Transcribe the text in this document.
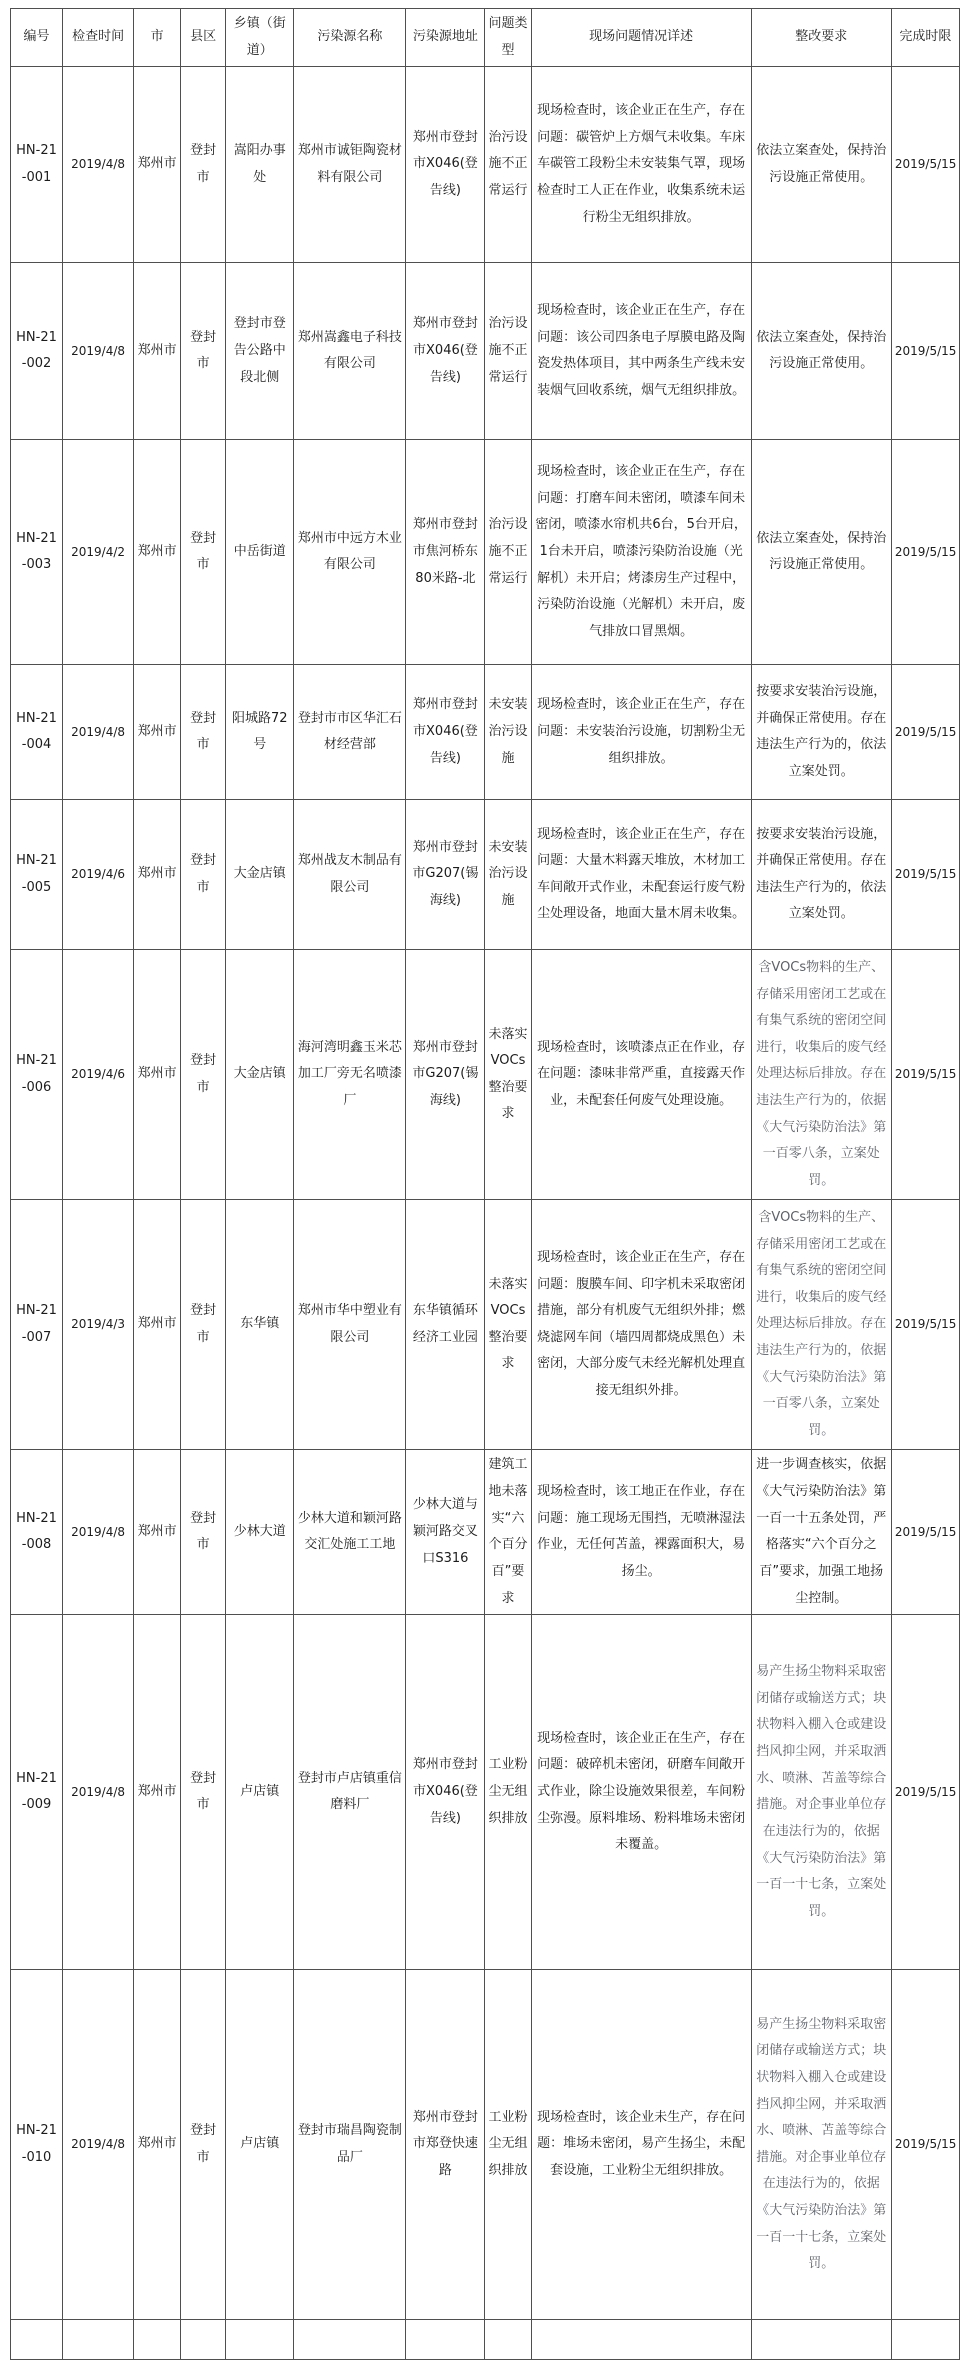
编号	检查时间	市	县区	乡镇（街道）	污染源名称	污染源地址	问题类型	现场问题情况详述	整改要求	完成时限
HN-21-001	2019/4/8	郑州市	登封市	嵩阳办事处	郑州市诚钜陶瓷材料有限公司	郑州市登封市X046(登告线)	治污设施不正常运行	现场检查时，该企业正在生产，存在问题：碳管炉上方烟气未收集。车床车碳管工段粉尘未安装集气罩，现场检查时工人正在作业，收集系统未运行粉尘无组织排放。	依法立案查处，保持治污设施正常使用。	2019/5/15
HN-21-002	2019/4/8	郑州市	登封市	登封市登告公路中段北侧	郑州嵩鑫电子科技有限公司	郑州市登封市X046(登告线)	治污设施不正常运行	现场检查时，该企业正在生产，存在问题：该公司四条电子厚膜电路及陶瓷发热体项目，其中两条生产线未安装烟气回收系统，烟气无组织排放。	依法立案查处，保持治污设施正常使用。	2019/5/15
HN-21-003	2019/4/2	郑州市	登封市	中岳街道	郑州市中远方木业有限公司	郑州市登封市焦河桥东80米路-北	治污设施不正常运行	现场检查时，该企业正在生产，存在问题：打磨车间未密闭，喷漆车间未密闭，喷漆水帘机共6台，5台开启，1台未开启，喷漆污染防治设施（光解机）未开启；烤漆房生产过程中，污染防治设施（光解机）未开启，废气排放口冒黑烟。	依法立案查处，保持治污设施正常使用。	2019/5/15
HN-21-004	2019/4/8	郑州市	登封市	阳城路72号	登封市市区华汇石材经营部	郑州市登封市X046(登告线)	未安装治污设施	现场检查时，该企业正在生产，存在问题：未安装治污设施，切割粉尘无组织排放。	按要求安装治污设施，并确保正常使用。存在违法生产行为的，依法立案处罚。	2019/5/15
HN-21-005	2019/4/6	郑州市	登封市	大金店镇	郑州战友木制品有限公司	郑州市登封市G207(锡海线)	未安装治污设施	现场检查时，该企业正在生产，存在问题：大量木料露天堆放，木材加工车间敞开式作业，未配套运行废气粉尘处理设备，地面大量木屑未收集。	按要求安装治污设施，并确保正常使用。存在违法生产行为的，依法立案处罚。	2019/5/15
HN-21-006	2019/4/6	郑州市	登封市	大金店镇	海河湾明鑫玉米芯加工厂旁无名喷漆厂	郑州市登封市G207(锡海线)	未落实VOCs整治要求	现场检查时，该喷漆点正在作业，存在问题：漆味非常严重，直接露天作业，未配套任何废气处理设施。	含VOCs物料的生产、存储采用密闭工艺或在有集气系统的密闭空间进行，收集后的废气经处理达标后排放。存在违法生产行为的，依据《大气污染防治法》第一百零八条，立案处罚。	2019/5/15
HN-21-007	2019/4/3	郑州市	登封市	东华镇	郑州市华中塑业有限公司	东华镇循环经济工业园	未落实VOCs整治要求	现场检查时，该企业正在生产，存在问题：腹膜车间、印字机未采取密闭措施，部分有机废气无组织外排；燃烧滤网车间（墙四周都烧成黑色）未密闭，大部分废气未经光解机处理直接无组织外排。	含VOCs物料的生产、存储采用密闭工艺或在有集气系统的密闭空间进行，收集后的废气经处理达标后排放。存在违法生产行为的，依据《大气污染防治法》第一百零八条，立案处罚。	2019/5/15
HN-21-008	2019/4/8	郑州市	登封市	少林大道	少林大道和颖河路交汇处施工工地	少林大道与颖河路交叉口S316	建筑工地未落实“六个百分百”要求	现场检查时，该工地正在作业，存在问题：施工现场无围挡，无喷淋湿法作业，无任何苫盖，裸露面积大，易扬尘。	进一步调查核实，依据《大气污染防治法》第一百一十五条处罚，严格落实“六个百分之百”要求，加强工地扬尘控制。	2019/5/15
HN-21-009	2019/4/8	郑州市	登封市	卢店镇	登封市卢店镇重信磨料厂	郑州市登封市X046(登告线)	工业粉尘无组织排放	现场检查时，该企业正在生产，存在问题：破碎机未密闭，研磨车间敞开式作业，除尘设施效果很差，车间粉尘弥漫。原料堆场、粉料堆场未密闭未覆盖。	易产生扬尘物料采取密闭储存或输送方式；块状物料入棚入仓或建设挡风抑尘网，并采取洒水、喷淋、苫盖等综合措施。对企事业单位存在违法行为的，依据《大气污染防治法》第一百一十七条，立案处罚。	2019/5/15
HN-21-010	2019/4/8	郑州市	登封市	卢店镇	登封市瑞昌陶瓷制品厂	郑州市登封市郑登快速路	工业粉尘无组织排放	现场检查时，该企业未生产，存在问题：堆场未密闭，易产生扬尘，未配套设施，工业粉尘无组织排放。	易产生扬尘物料采取密闭储存或输送方式；块状物料入棚入仓或建设挡风抑尘网，并采取洒水、喷淋、苫盖等综合措施。对企事业单位存在违法行为的，依据《大气污染防治法》第一百一十七条，立案处罚。	2019/5/15
